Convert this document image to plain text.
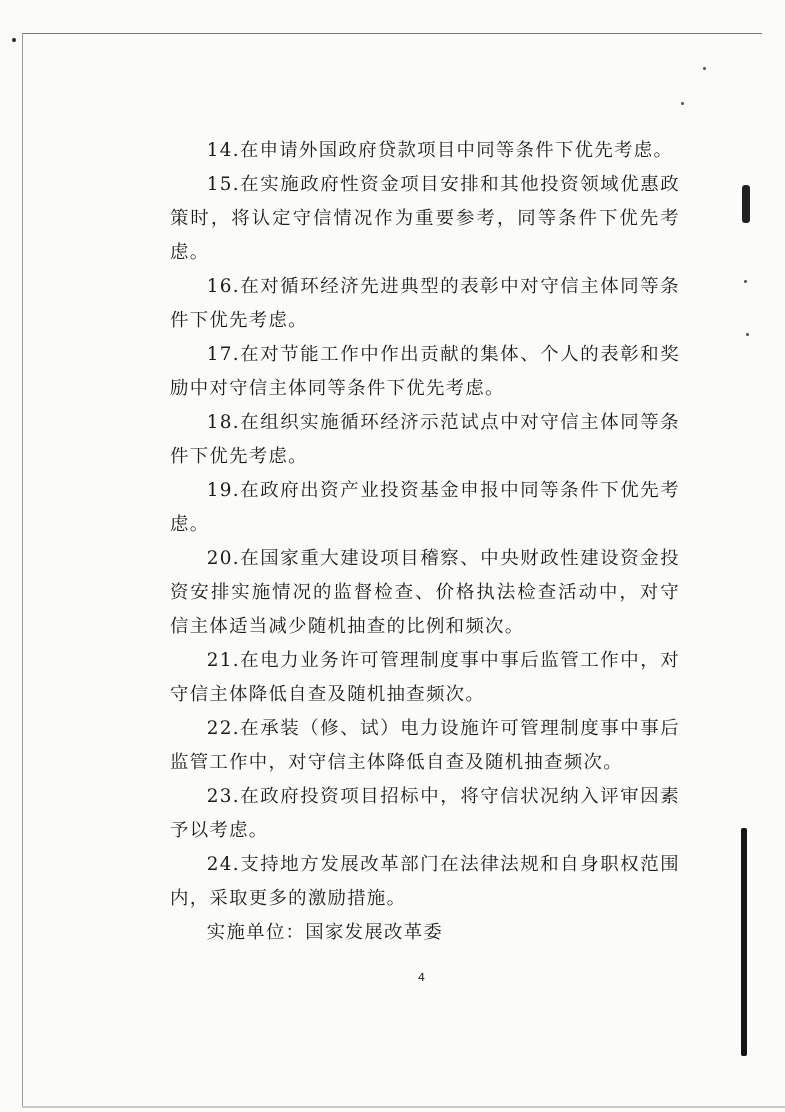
14.在申请外国政府贷款项目中同等条件下优先考虑。

15.在实施政府性资金项目安排和其他投资领域优惠政策时，将认定守信情况作为重要参考，同等条件下优先考虑。

16.在对循环经济先进典型的表彰中对守信主体同等条件下优先考虑。

17.在对节能工作中作出贡献的集体、个人的表彰和奖励中对守信主体同等条件下优先考虑。

18.在组织实施循环经济示范试点中对守信主体同等条件下优先考虑。

19.在政府出资产业投资基金申报中同等条件下优先考虑。

20.在国家重大建设项目稽察、中央财政性建设资金投资安排实施情况的监督检查、价格执法检查活动中，对守信主体适当减少随机抽查的比例和频次。

21.在电力业务许可管理制度事中事后监管工作中，对守信主体降低自查及随机抽查频次。

22.在承装（修、试）电力设施许可管理制度事中事后监管工作中，对守信主体降低自查及随机抽查频次。

23.在政府投资项目招标中，将守信状况纳入评审因素予以考虑。

24.支持地方发展改革部门在法律法规和自身职权范围内，采取更多的激励措施。

实施单位：国家发展改革委

4
